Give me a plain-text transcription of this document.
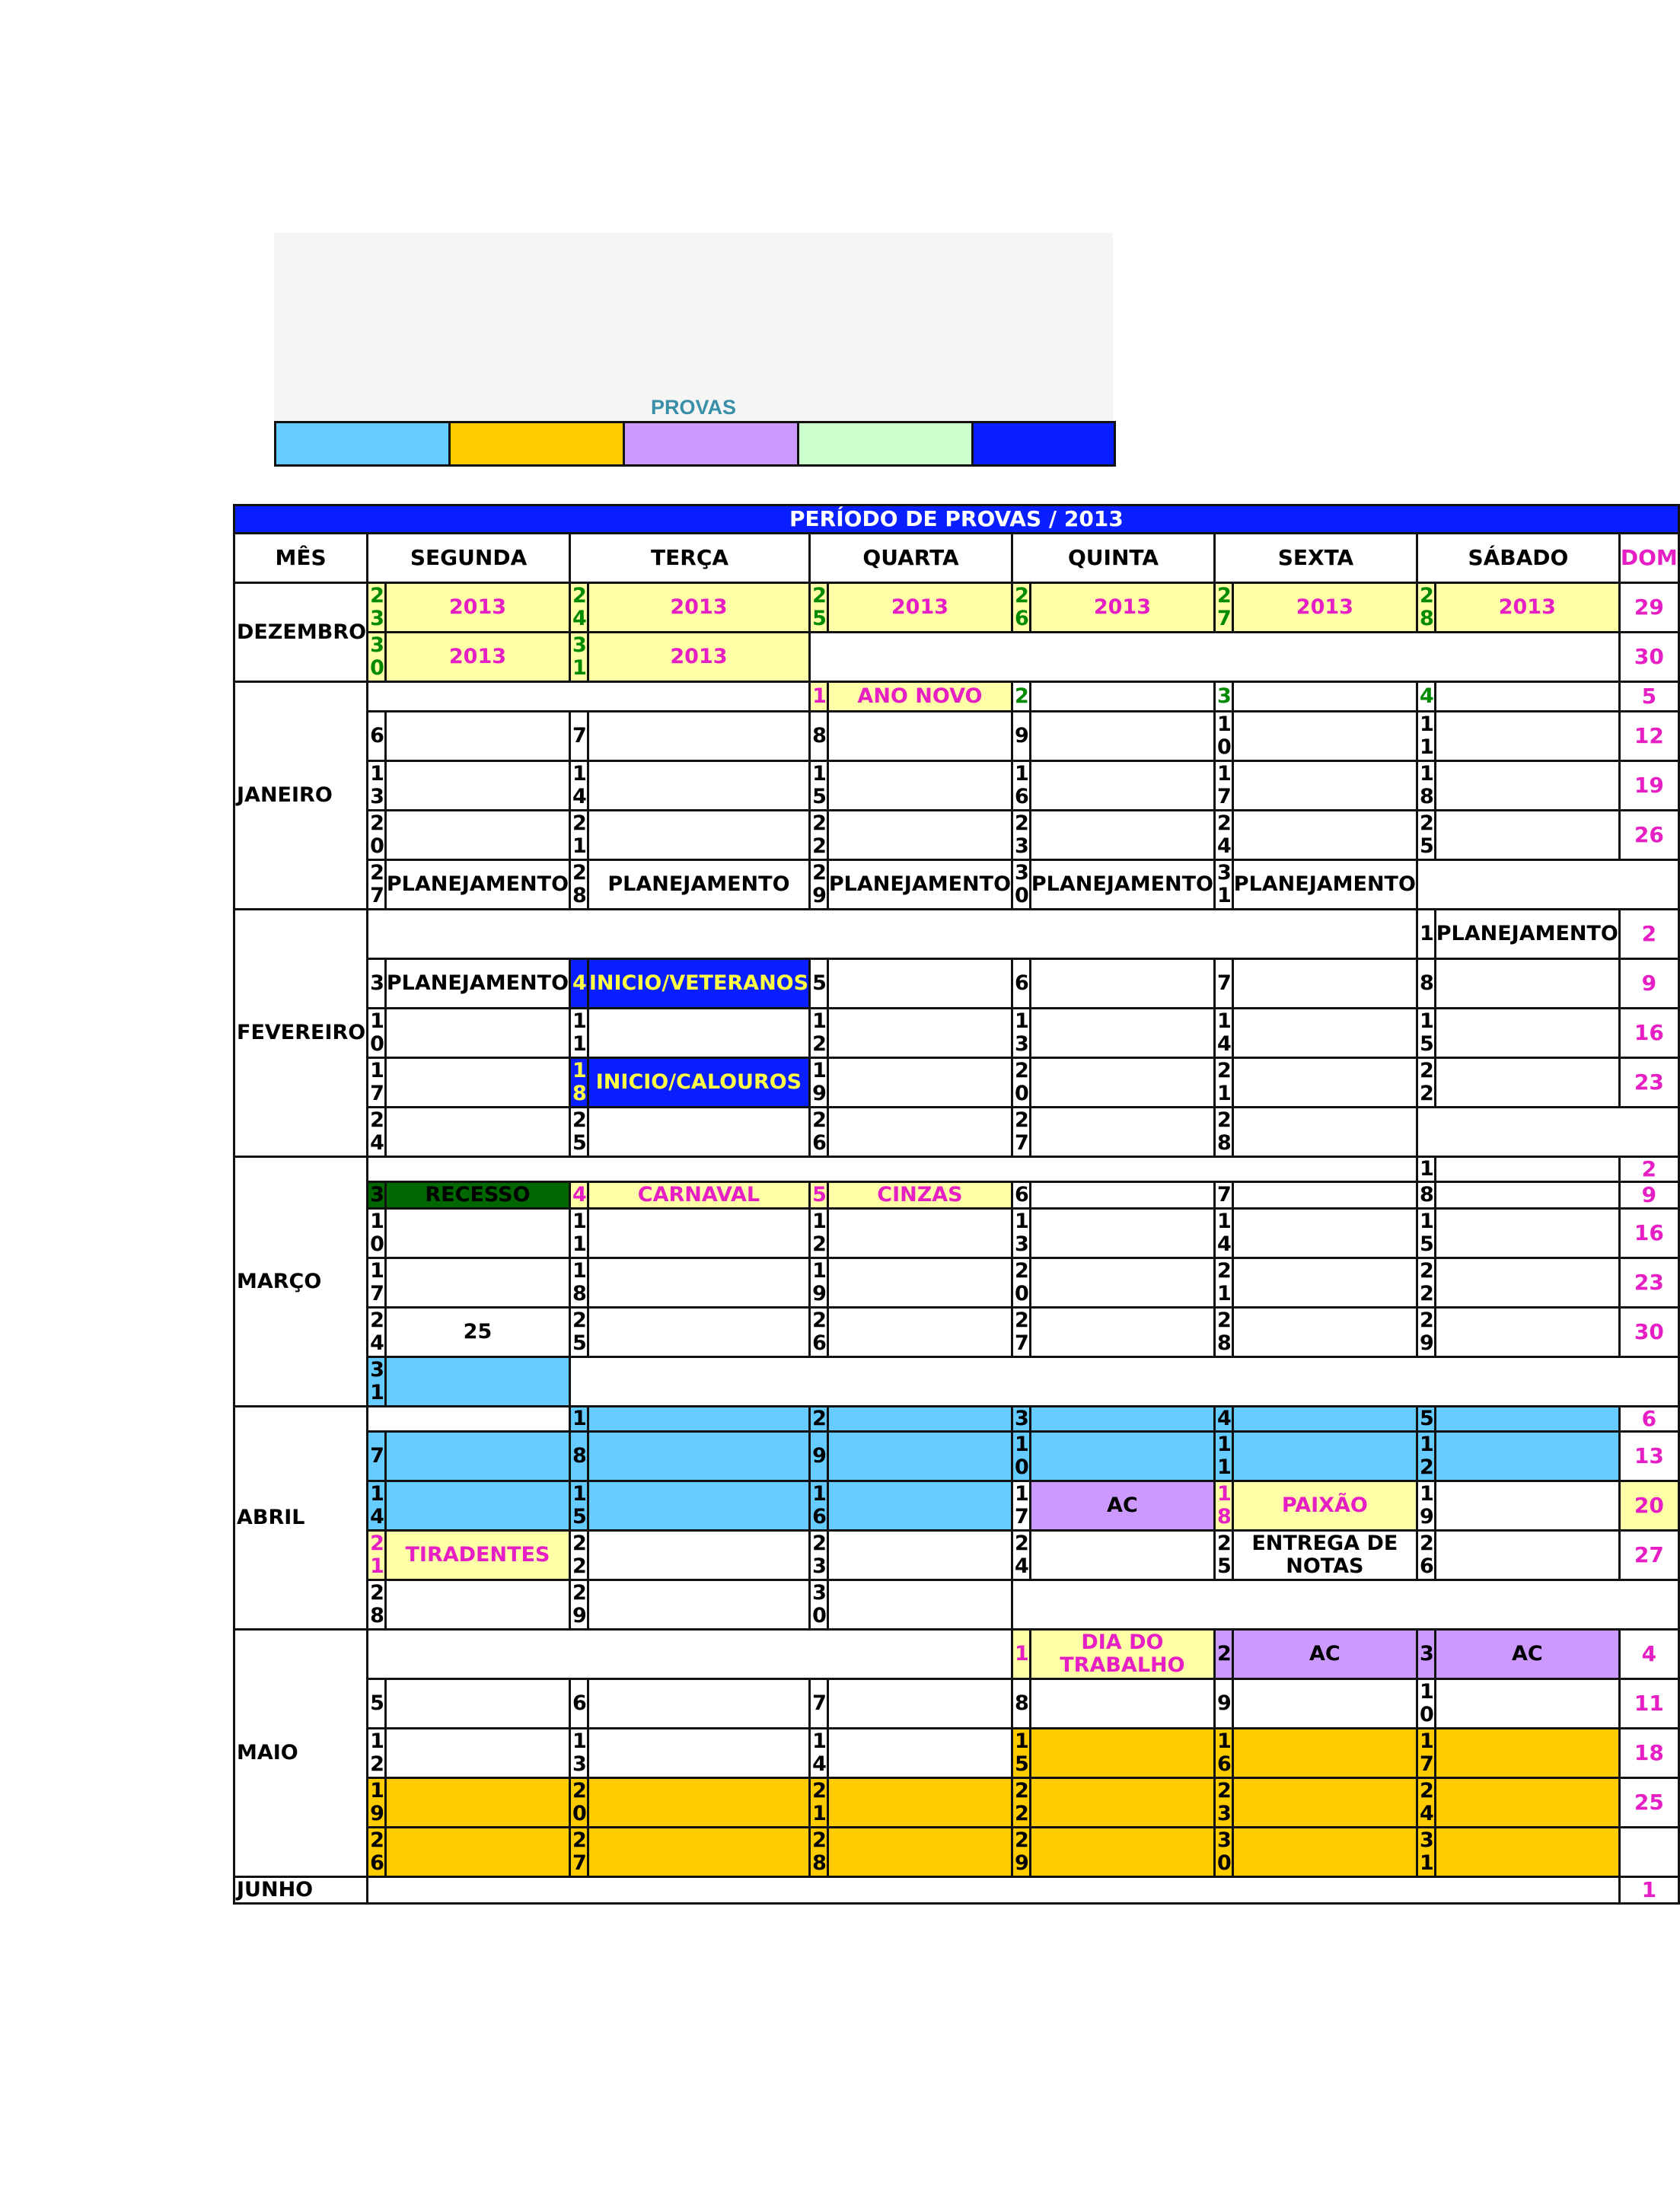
PROVAS
PERÍODO DE PROVAS / 2013													
MÊS	SEGUNDA		TERÇA		QUARTA		QUINTA		SEXTA		SÁBADO		DOM
DEZEMBRO	23	2013	24	2013	25	2013	26	2013	27	2013	28	2013	29
	30	2013	31	2013									30
JANEIRO					1	ANO NOVO	2		3		4		5
	6		7		8		9		10		11		12
	13		14		15		16		17		18		19
	20		21		22		23		24		25		26
	27	PLANEJAMENTO	28	PLANEJAMENTO	29	PLANEJAMENTO	30	PLANEJAMENTO	31	PLANEJAMENTO			
FEVEREIRO											1	PLANEJAMENTO	2
	3	PLANEJAMENTO	4	INICIO/VETERANOS	5		6		7		8		9
	10		11		12		13		14		15		16
	17		18	INICIO/CALOUROS	19		20		21		22		23
	24		25		26		27		28				
MARÇO											1		2
	3	RECESSO	4	CARNAVAL	5	CINZAS	6		7		8		9
	10		11		12		13		14		15		16
	17		18		19		20		21		22		23
	24	25	25		26		27		28		29		30
	31												
ABRIL			1		2		3		4		5		6
	7		8		9		10		11		12		13
	14		15		16		17	AC	18	PAIXÃO	19		20
	21	TIRADENTES	22		23		24		25	ENTREGA DE NOTAS	26		27
	28		29		30								
MAIO							1	DIA DO TRABALHO	2	AC	3	AC	4
	5		6		7		8		9		10		11
	12		13		14		15		16		17		18
	19		20		21		22		23		24		25
	26		27		28		29		30		31		
JUNHO													1
